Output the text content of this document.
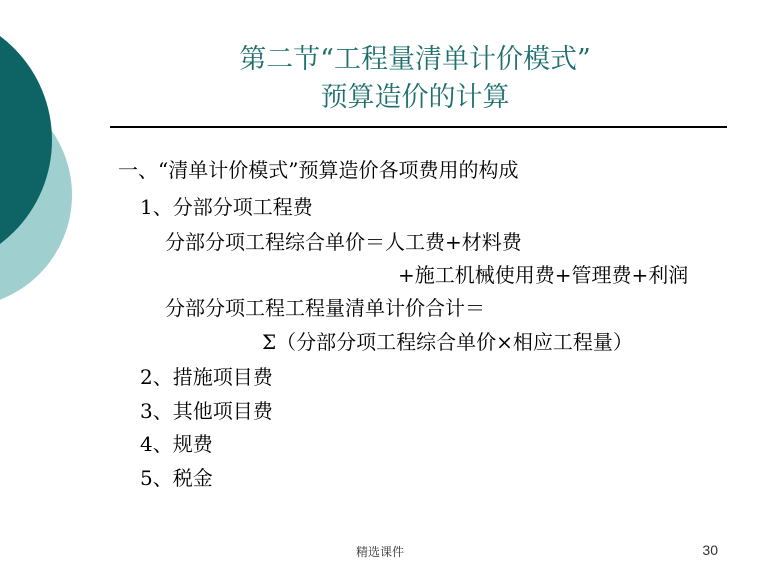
第二节“工程量清单计价模式”
预算造价的计算

一、“清单计价模式”预算造价各项费用的构成

1、分部分项工程费

分部分项工程综合单价＝人工费+材料费

+施工机械使用费+管理费+利润

分部分项工程工程量清单计价合计＝

Σ（分部分项工程综合单价×相应工程量）

2、措施项目费

3、其他项目费

4、规费

5、税金

精选课件	30
